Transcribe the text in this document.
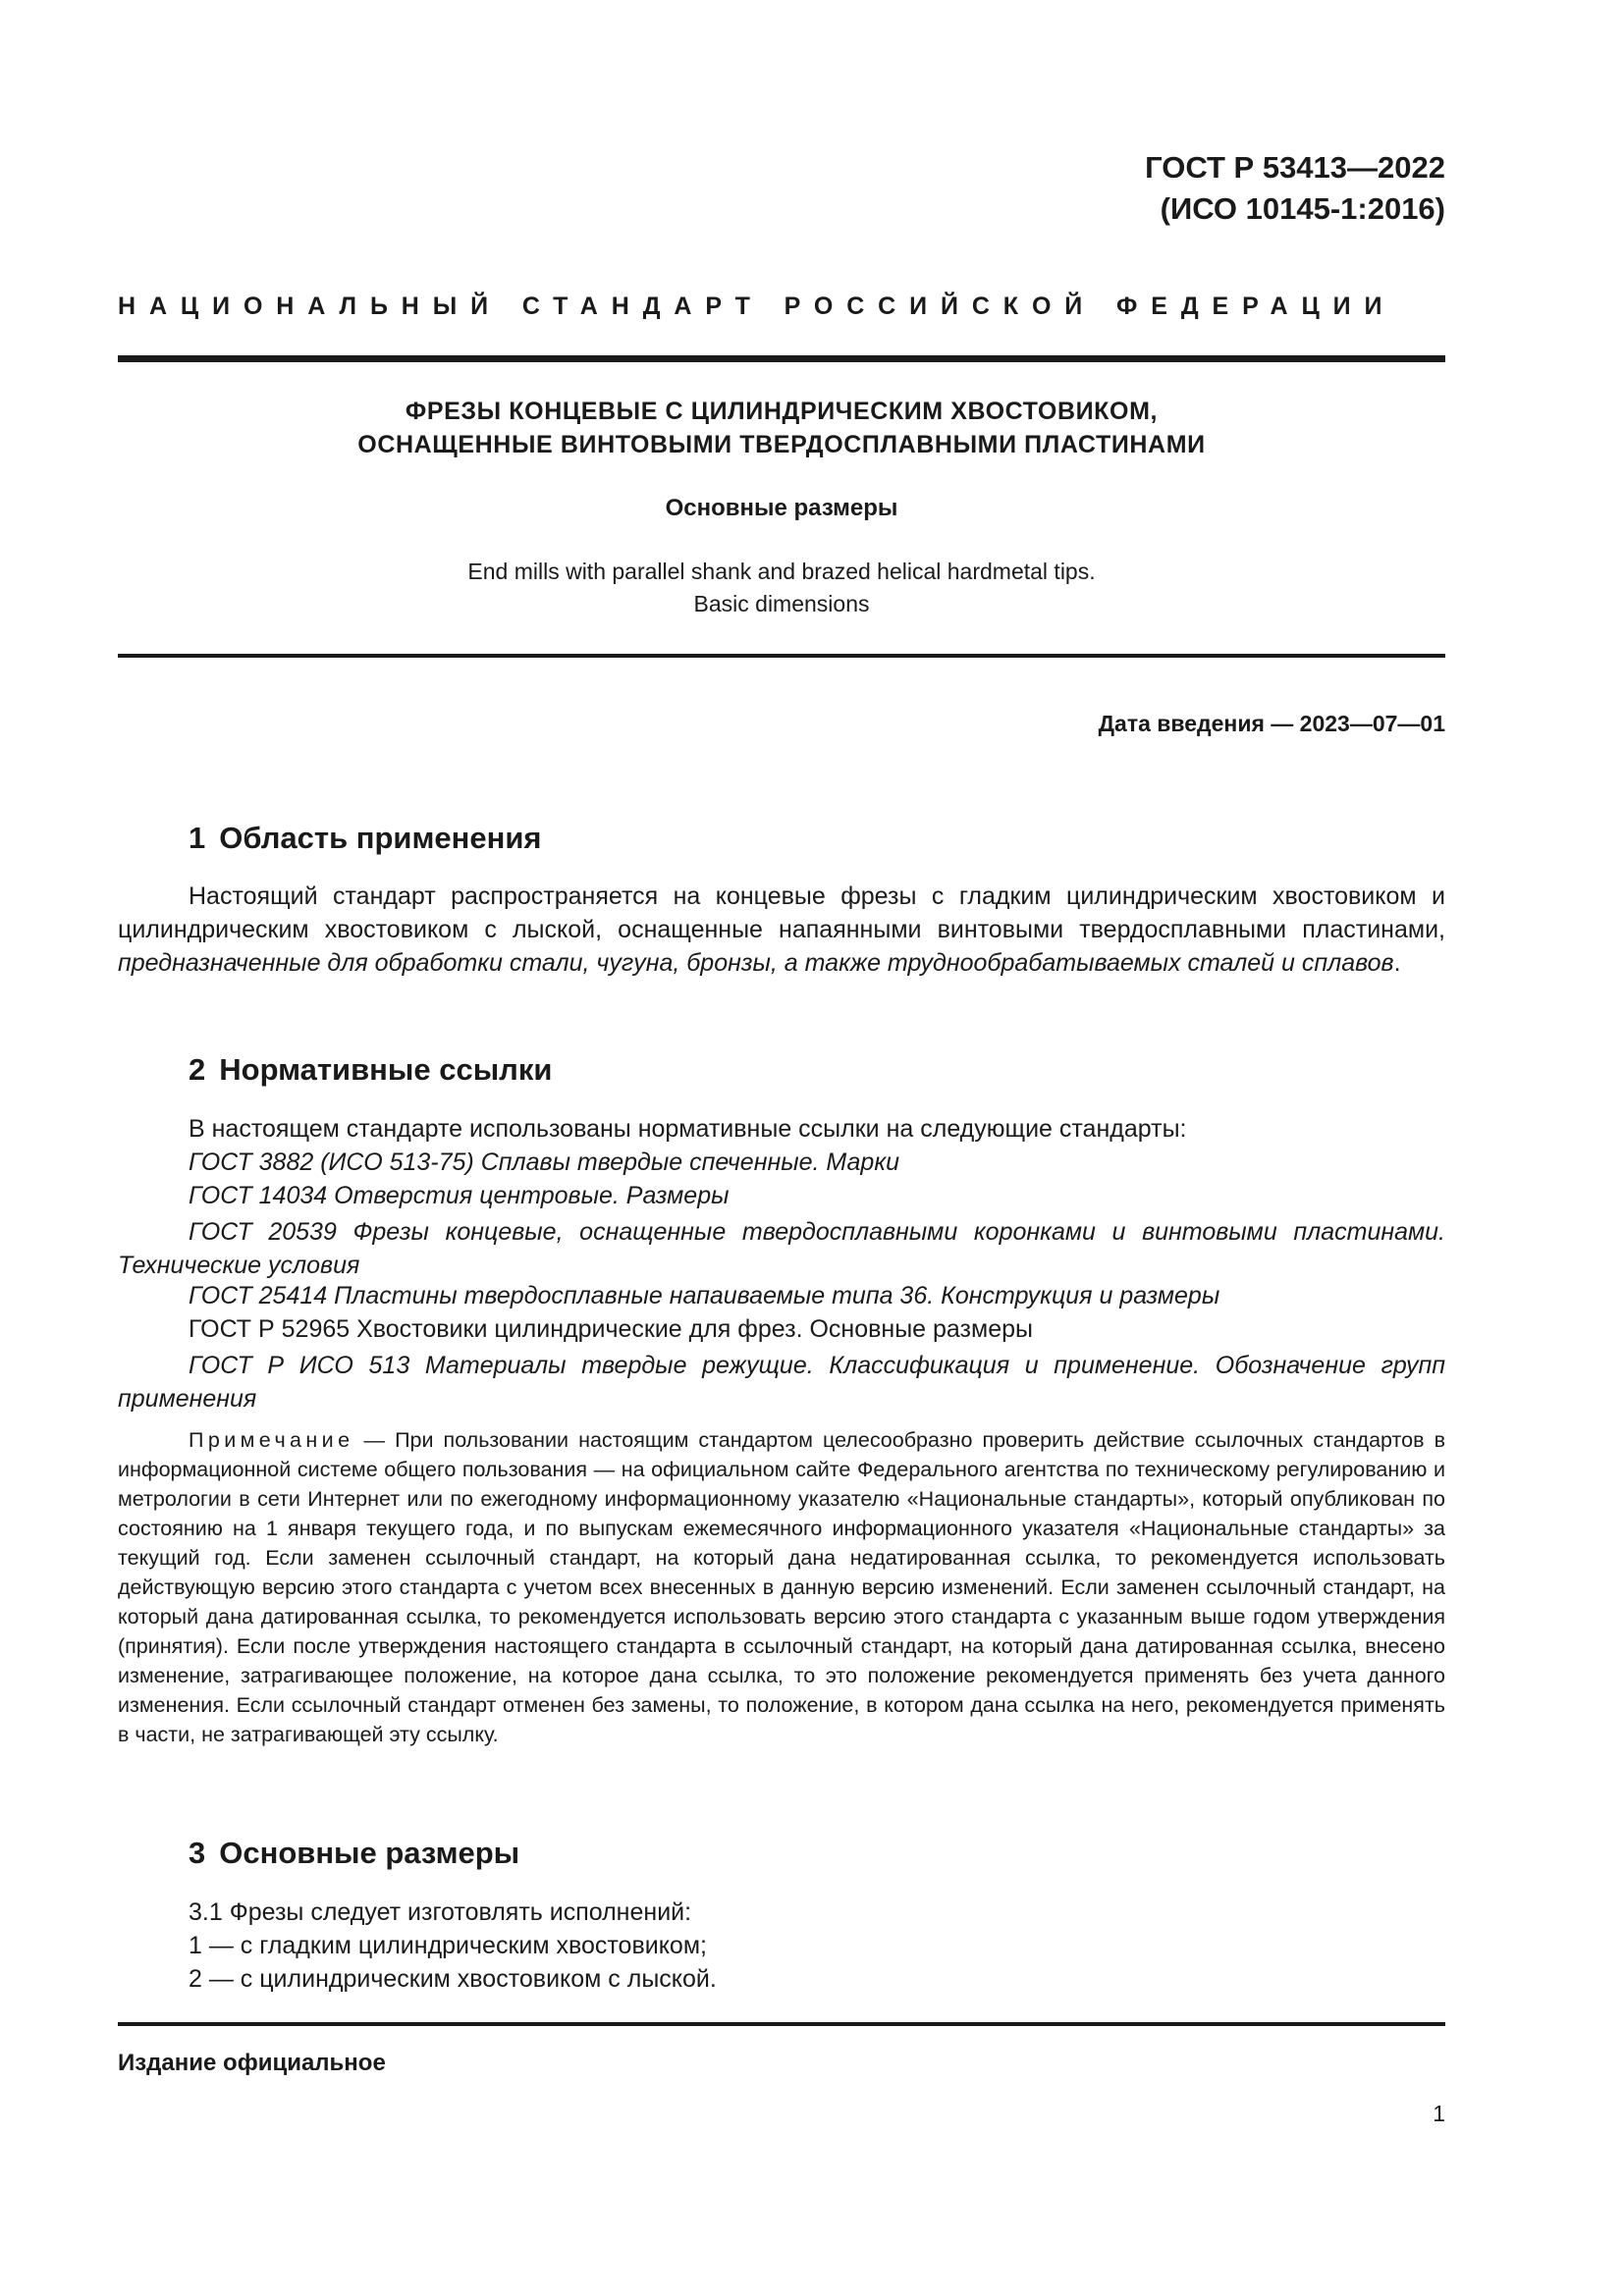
ГОСТ Р 53413—2022
(ИСО 10145-1:2016)
НАЦИОНАЛЬНЫЙ СТАНДАРТ РОССИЙСКОЙ ФЕДЕРАЦИИ
ФРЕЗЫ КОНЦЕВЫЕ С ЦИЛИНДРИЧЕСКИМ ХВОСТОВИКОМ,
ОСНАЩЕННЫЕ ВИНТОВЫМИ ТВЕРДОСПЛАВНЫМИ ПЛАСТИНАМИ
Основные размеры
End mills with parallel shank and brazed helical hardmetal tips.
Basic dimensions
Дата введения — 2023—07—01
1 Область применения
Настоящий стандарт распространяется на концевые фрезы с гладким цилиндрическим хвостовиком и цилиндрическим хвостовиком с лыской, оснащенные напаянными винтовыми твердосплавными пластинами, предназначенные для обработки стали, чугуна, бронзы, а также труднообрабатываемых сталей и сплавов.
2 Нормативные ссылки
В настоящем стандарте использованы нормативные ссылки на следующие стандарты:
ГОСТ 3882 (ИСО 513-75) Сплавы твердые спеченные. Марки
ГОСТ 14034 Отверстия центровые. Размеры
ГОСТ 20539 Фрезы концевые, оснащенные твердосплавными коронками и винтовыми пластинами. Технические условия
ГОСТ 25414 Пластины твердосплавные напаиваемые типа 36. Конструкция и размеры
ГОСТ Р 52965 Хвостовики цилиндрические для фрез. Основные размеры
ГОСТ Р ИСО 513 Материалы твердые режущие. Классификация и применение. Обозначение групп применения
Примечание — При пользовании настоящим стандартом целесообразно проверить действие ссылочных стандартов в информационной системе общего пользования — на официальном сайте Федерального агентства по техническому регулированию и метрологии в сети Интернет или по ежегодному информационному указателю «Национальные стандарты», который опубликован по состоянию на 1 января текущего года, и по выпускам ежемесячного информационного указателя «Национальные стандарты» за текущий год. Если заменен ссылочный стандарт, на который дана недатированная ссылка, то рекомендуется использовать действующую версию этого стандарта с учетом всех внесенных в данную версию изменений. Если заменен ссылочный стандарт, на который дана датированная ссылка, то рекомендуется использовать версию этого стандарта с указанным выше годом утверждения (принятия). Если после утверждения настоящего стандарта в ссылочный стандарт, на который дана датированная ссылка, внесено изменение, затрагивающее положение, на которое дана ссылка, то это положение рекомендуется применять без учета данного изменения. Если ссылочный стандарт отменен без замены, то положение, в котором дана ссылка на него, рекомендуется применять в части, не затрагивающей эту ссылку.
3 Основные размеры
3.1 Фрезы следует изготовлять исполнений:
1 — с гладким цилиндрическим хвостовиком;
2 — с цилиндрическим хвостовиком с лыской.
Издание официальное
1
